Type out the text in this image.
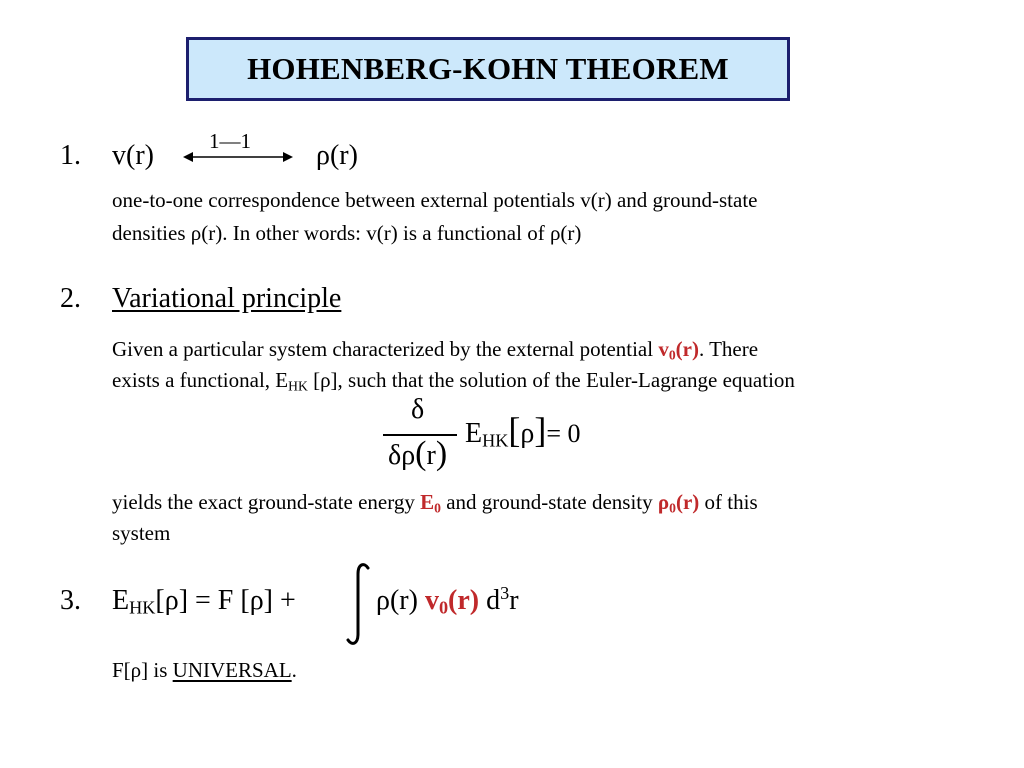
HOHENBERG-KOHN THEOREM
1. v(r)	1—1 ρ(r)
one-to-one correspondence between external potentials v(r) and ground-state
densities ρ(r). In other words: v(r) is a functional of ρ(r)
2. Variational principle
Given a particular system characterized by the external potential $v_0(r)$. There
exists a functional, $E_{HK}$ [ρ], such that the solution of the Euler-Lagrange equation
δ
δρ(r)
$E_{HK}[\rho]= 0$
yields the exact ground-state energy $E_0$ and ground-state density $\rho_0(r)$ of this
system
3. $E_{HK}[\rho] = F$ [ρ] +	ρ(r) $v_0(r)$ $d^3r$
F[ρ] is UNIVERSAL.
